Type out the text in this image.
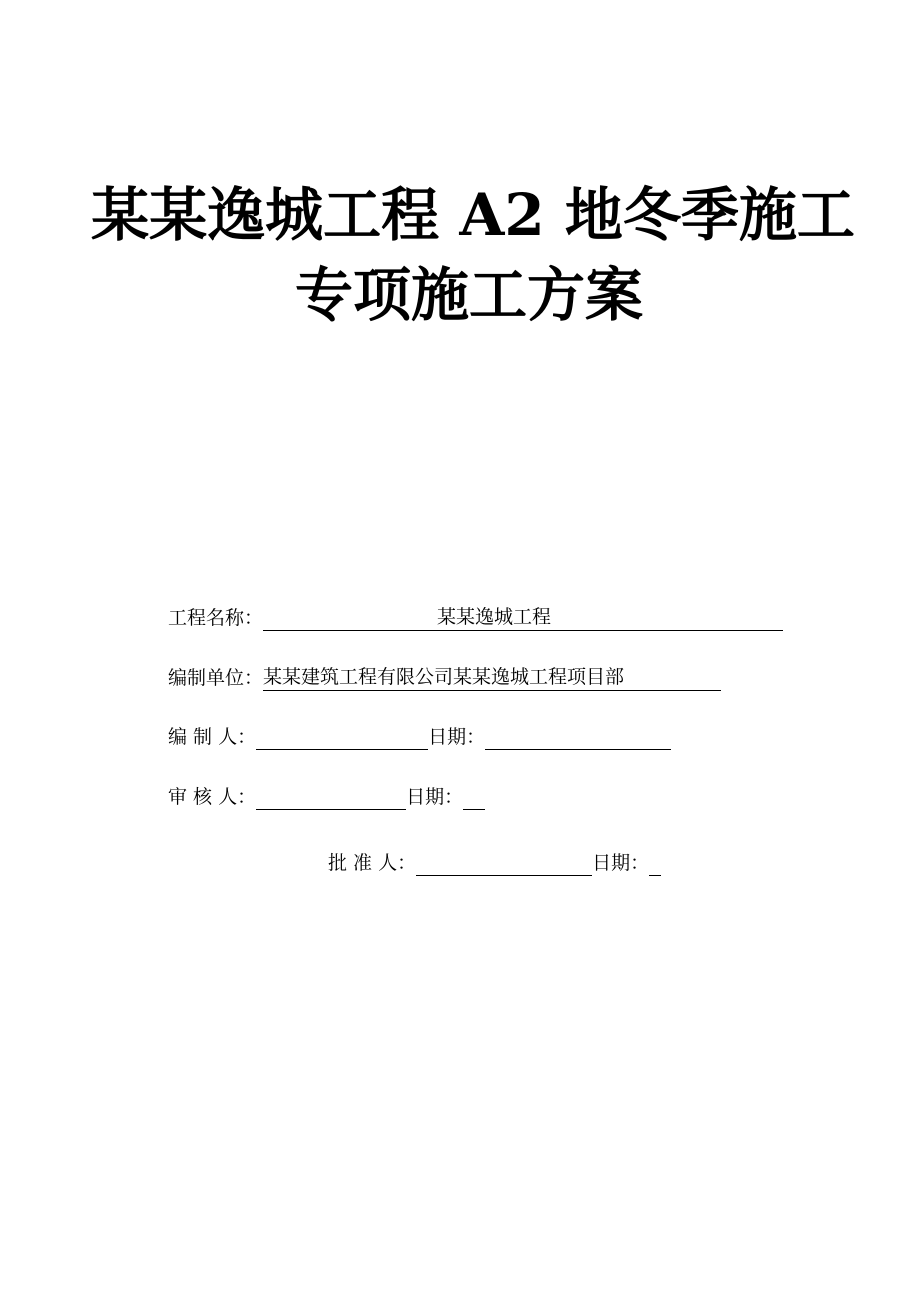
某某逸城工程 A2 地冬季施工
专项施工方案
工程名称：	某某逸城工程
编制单位：某某建筑工程有限公司某某逸城工程项目部
编 制 人：	日期：
审 核 人：	日期：
批 准 人：	日期：
